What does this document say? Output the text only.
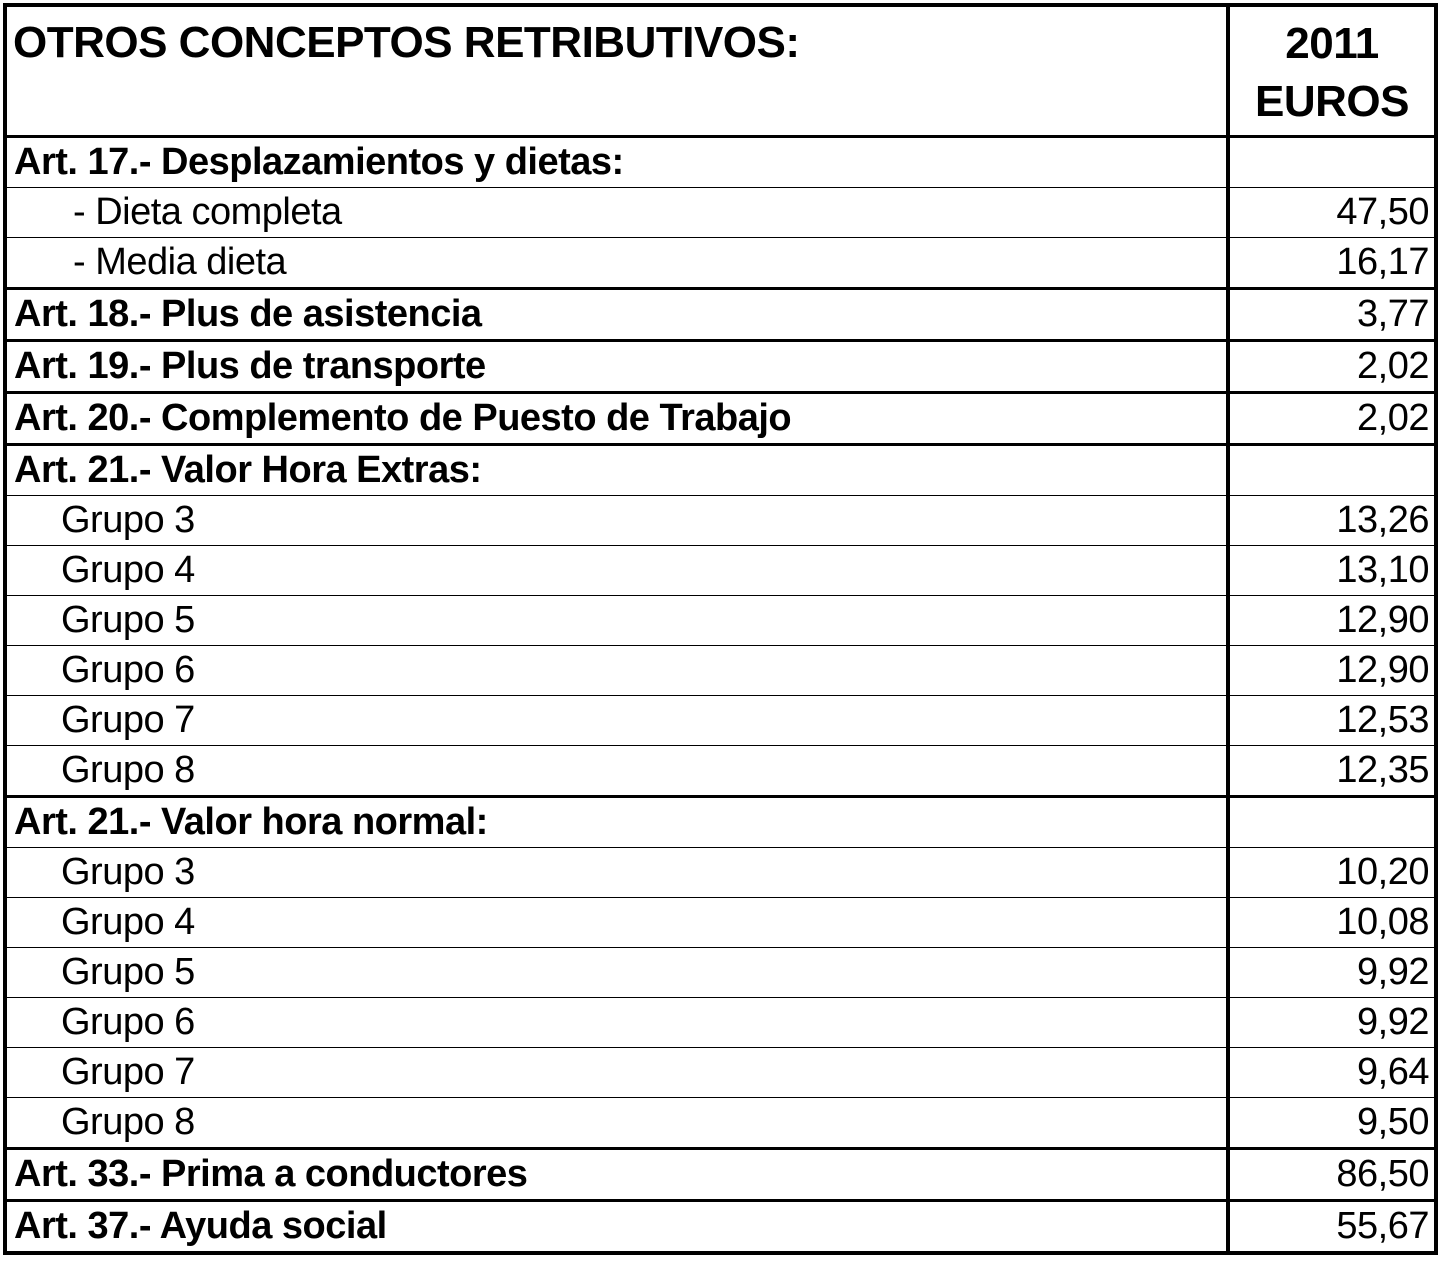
OTROS CONCEPTOS RETRIBUTIVOS:	2011
EUROS
Art. 17.- Desplazamientos y dietas:	
- Dieta completa	47,50
- Media dieta	16,17
Art. 18.- Plus de asistencia	3,77
Art. 19.- Plus de transporte	2,02
Art. 20.- Complemento de Puesto de Trabajo	2,02
Art. 21.- Valor Hora Extras:	
Grupo 3	13,26
Grupo 4	13,10
Grupo 5	12,90
Grupo 6	12,90
Grupo 7	12,53
Grupo 8	12,35
Art. 21.- Valor hora normal:	
Grupo 3	10,20
Grupo 4	10,08
Grupo 5	9,92
Grupo 6	9,92
Grupo 7	9,64
Grupo 8	9,50
Art. 33.- Prima a conductores	86,50
Art. 37.- Ayuda social	55,67
